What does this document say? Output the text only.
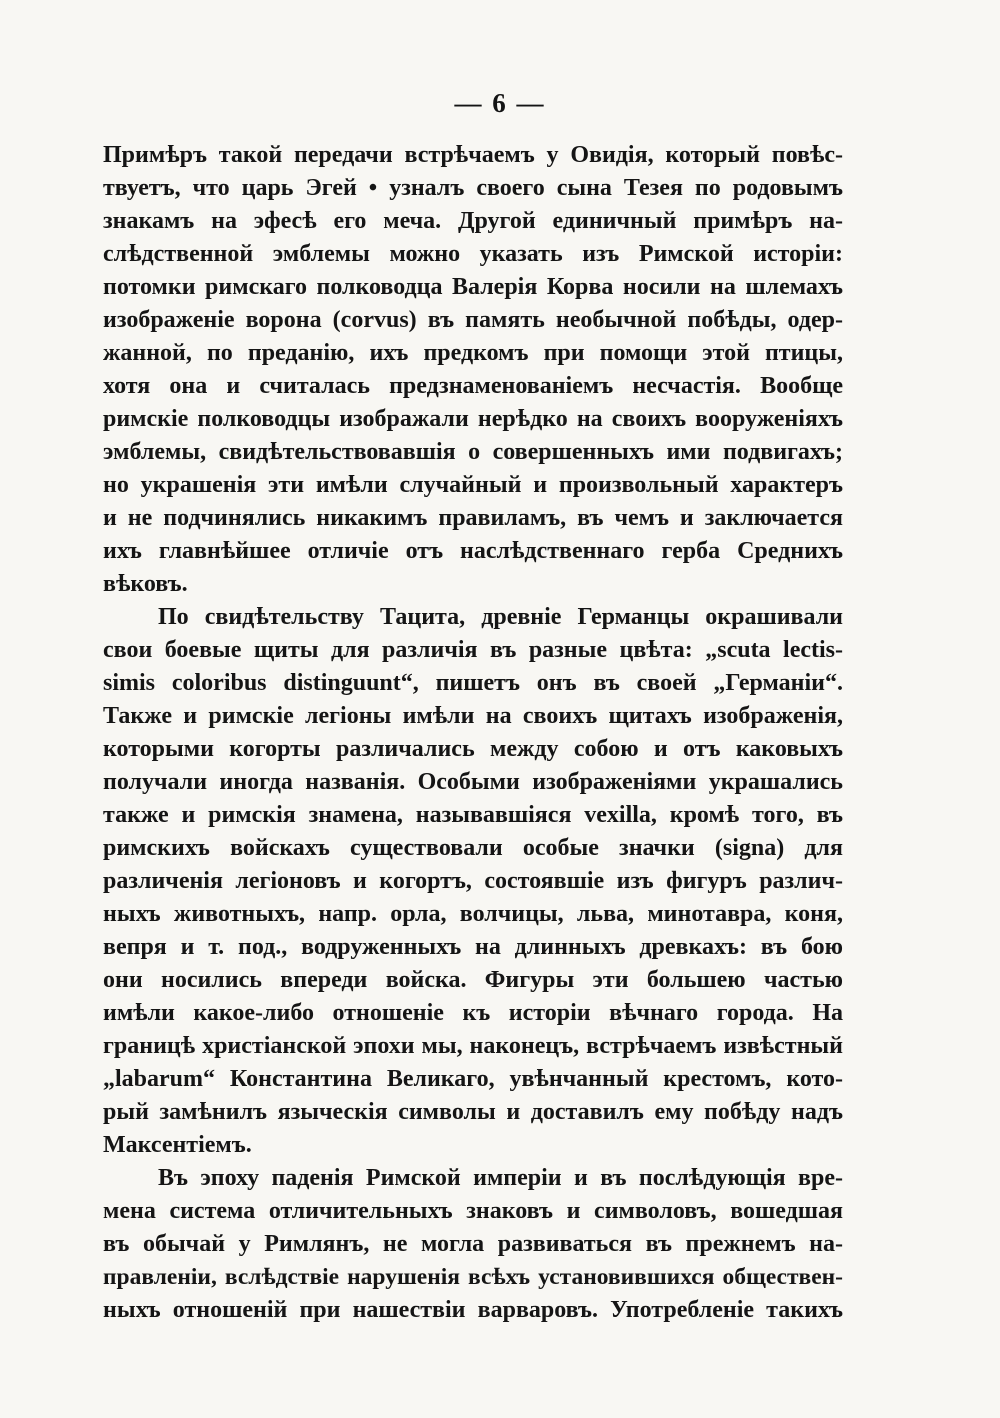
— 6 —
Примѣръ такой передачи встрѣчаемъ у Овидія, который повѣс-
твуетъ, что царь Эгей • узналъ своего сына Тезея по родовымъ
знакамъ на эфесѣ его меча. Другой единичный примѣръ на-
слѣдственной эмблемы можно указать изъ Римской исторіи:
потомки римскаго полководца Валерія Корва носили на шлемахъ
изображеніе ворона (corvus) въ память необычной побѣды, одер-
жанной, по преданію, ихъ предкомъ при помощи этой птицы,
хотя она и считалась предзнаменованіемъ несчастія. Вообще
римскіе полководцы изображали нерѣдко на своихъ вооруженіяхъ
эмблемы, свидѣтельствовавшія о совершенныхъ ими подвигахъ;
но украшенія эти имѣли случайный и произвольный характеръ
и не подчинялись никакимъ правиламъ, въ чемъ и заключается
ихъ главнѣйшее отличіе отъ наслѣдственнаго герба Среднихъ
вѣковъ.
По свидѣтельству Тацита, древніе Германцы окрашивали
свои боевые щиты для различія въ разные цвѣта: „scuta lectis-
simis coloribus distinguunt“, пишетъ онъ въ своей „Германіи“.
Также и римскіе легіоны имѣли на своихъ щитахъ изображенія,
которыми когорты различались между собою и отъ каковыхъ
получали иногда названія. Особыми изображеніями украшались
также и римскія знамена, называвшіяся vexilla, кромѣ того, въ
римскихъ войскахъ существовали особые значки (signa) для
различенія легіоновъ и когортъ, состоявшіе изъ фигуръ различ-
ныхъ животныхъ, напр. орла, волчицы, льва, минотавра, коня,
вепря и т. под., водруженныхъ на длинныхъ древкахъ: въ бою
они носились впереди войска. Фигуры эти большею частью
имѣли какое-либо отношеніе къ исторіи вѣчнаго города. На
границѣ христіанской эпохи мы, наконецъ, встрѣчаемъ извѣстный
„labarum“ Константина Великаго, увѣнчанный крестомъ, кото-
рый замѣнилъ языческія символы и доставилъ ему побѣду надъ
Максентіемъ.
Въ эпоху паденія Римской имперіи и въ послѣдующія вре-
мена система отличительныхъ знаковъ и символовъ, вошедшая
въ обычай у Римлянъ, не могла развиваться въ прежнемъ на-
правленіи, вслѣдствіе нарушенія всѣхъ установившихся обществен-
ныхъ отношеній при нашествіи варваровъ. Употребленіе такихъ
